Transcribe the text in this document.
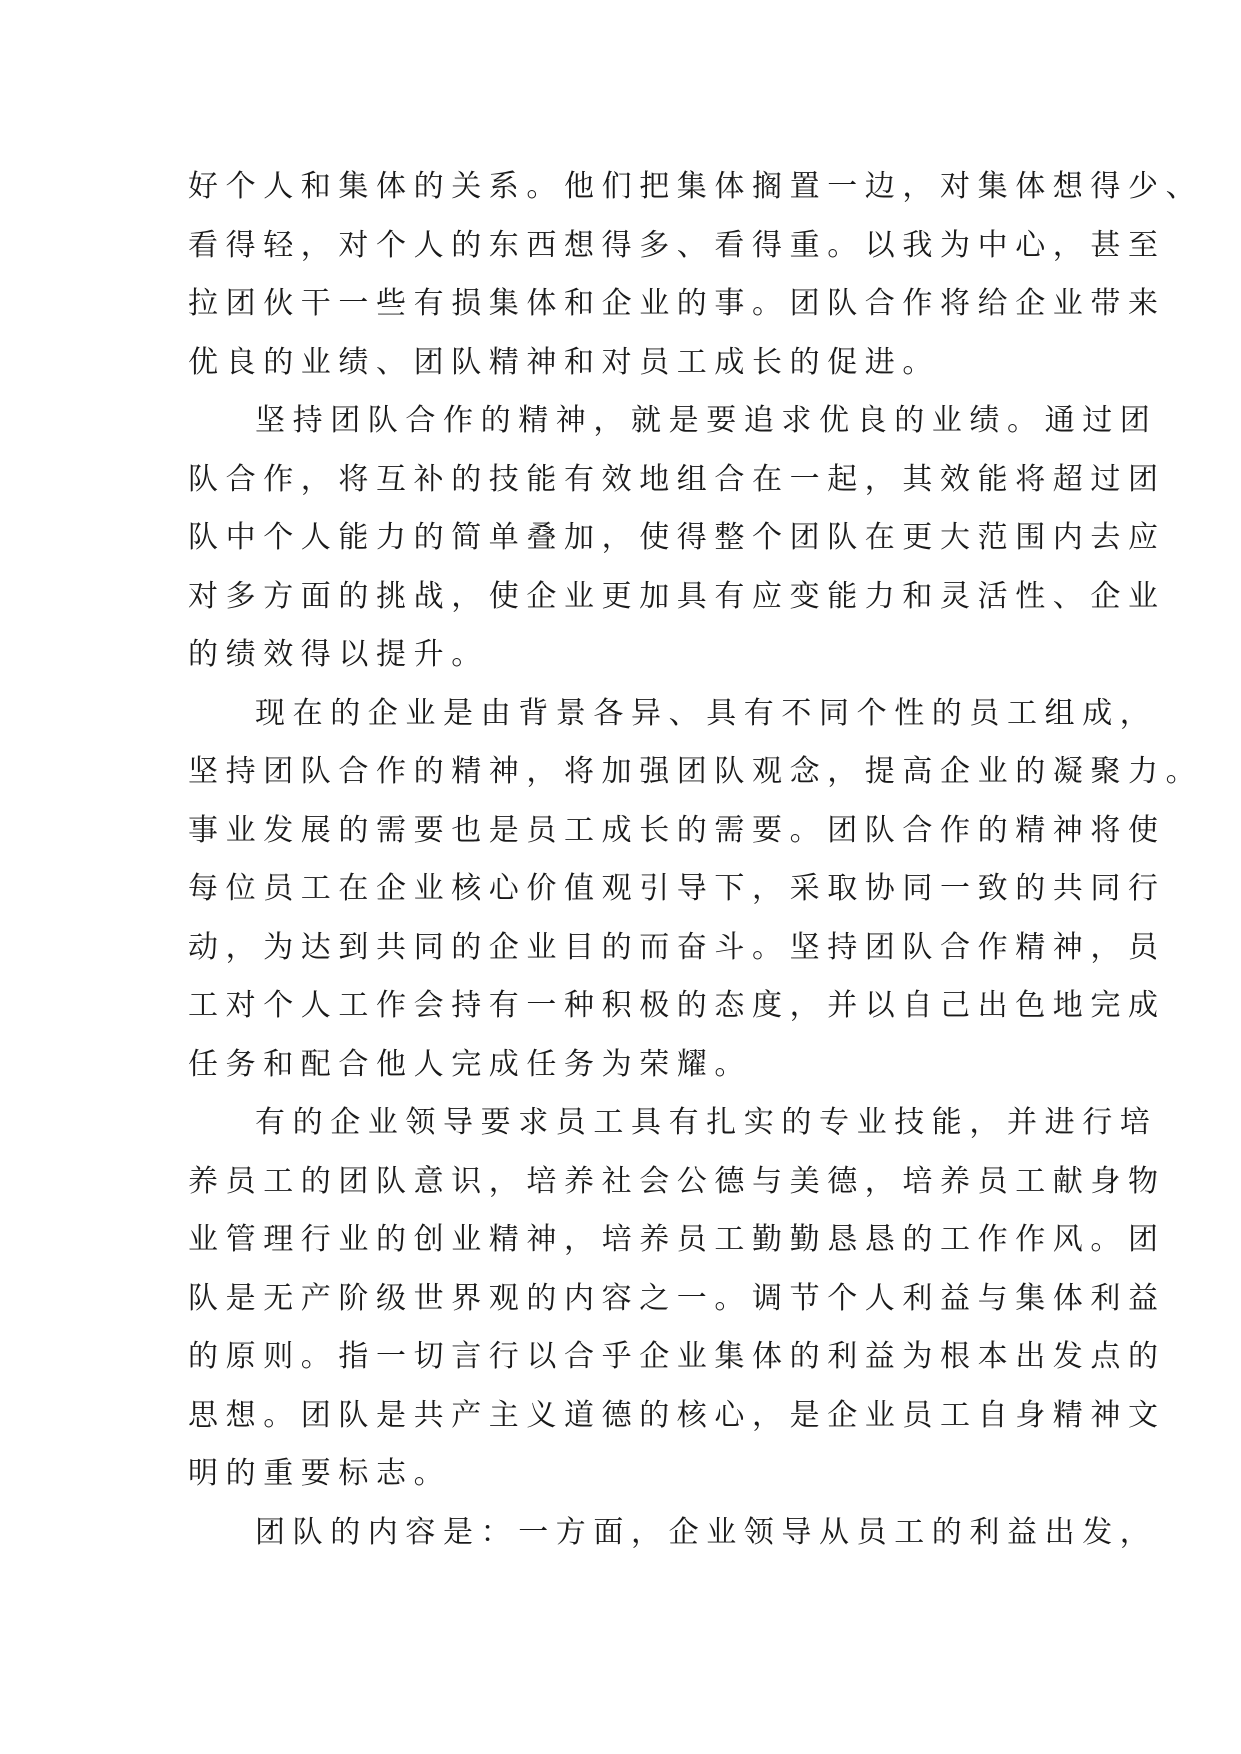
好个人和集体的关系。他们把集体搁置一边，对集体想得少、
看得轻，对个人的东西想得多、看得重。以我为中心，甚至
拉团伙干一些有损集体和企业的事。团队合作将给企业带来
优良的业绩、团队精神和对员工成长的促进。
坚持团队合作的精神，就是要追求优良的业绩。通过团
队合作，将互补的技能有效地组合在一起，其效能将超过团
队中个人能力的简单叠加，使得整个团队在更大范围内去应
对多方面的挑战，使企业更加具有应变能力和灵活性、企业
的绩效得以提升。
现在的企业是由背景各异、具有不同个性的员工组成，
坚持团队合作的精神，将加强团队观念，提高企业的凝聚力。
事业发展的需要也是员工成长的需要。团队合作的精神将使
每位员工在企业核心价值观引导下，采取协同一致的共同行
动，为达到共同的企业目的而奋斗。坚持团队合作精神，员
工对个人工作会持有一种积极的态度，并以自己出色地完成
任务和配合他人完成任务为荣耀。
有的企业领导要求员工具有扎实的专业技能，并进行培
养员工的团队意识，培养社会公德与美德，培养员工献身物
业管理行业的创业精神，培养员工勤勤恳恳的工作作风。团
队是无产阶级世界观的内容之一。调节个人利益与集体利益
的原则。指一切言行以合乎企业集体的利益为根本出发点的
思想。团队是共产主义道德的核心，是企业员工自身精神文
明的重要标志。
团队的内容是：一方面，企业领导从员工的利益出发，
